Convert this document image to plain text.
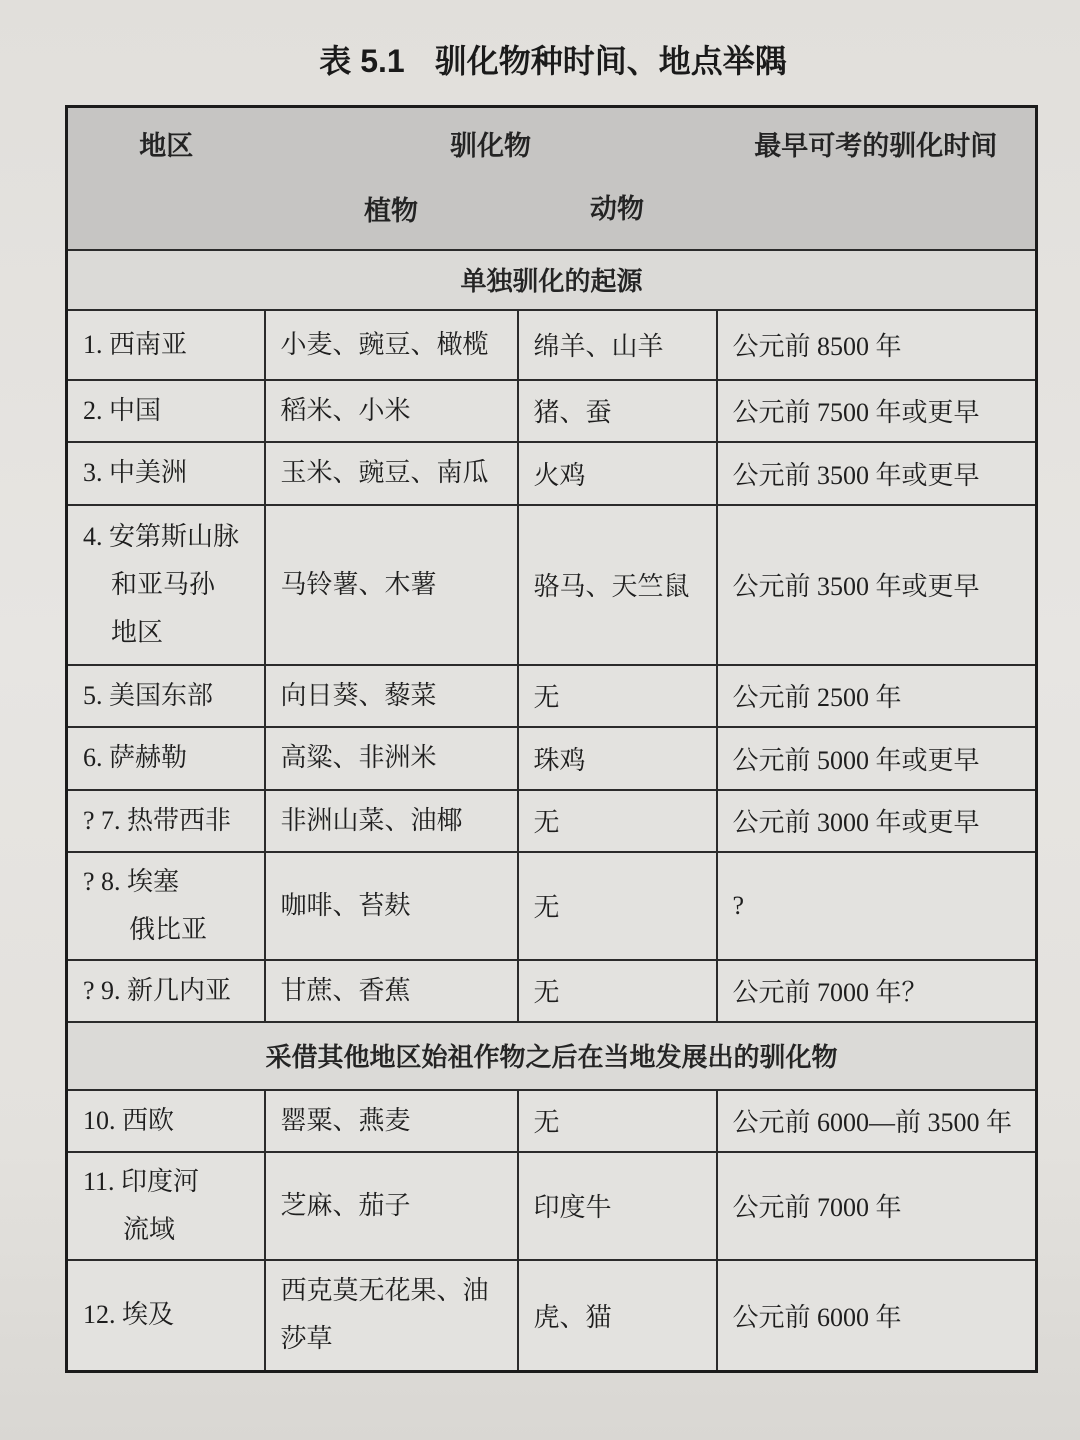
表 5.1 驯化物种时间、地点举隅
地区	驯化物		最早可考的驯化时间
	植物	动物	
单独驯化的起源			

1. 西南亚	小麦、豌豆、橄榄	绵羊、山羊	公元前 8500 年

2. 中国	稻米、小米	猪、蚕	公元前 7500 年或更早

3. 中美洲	玉米、豌豆、南瓜	火鸡	公元前 3500 年或更早

4. 安第斯山脉
和亚马孙
地区	马铃薯、木薯	骆马、天竺鼠	公元前 3500 年或更早

5. 美国东部	向日葵、藜菜	无	公元前 2500 年

6. 萨赫勒	高粱、非洲米	珠鸡	公元前 5000 年或更早

? 7. 热带西非	非洲山菜、油椰	无	公元前 3000 年或更早

? 8. 埃塞
俄比亚	咖啡、苔麸	无	?

? 9. 新几内亚	甘蔗、香蕉	无	公元前 7000 年？
采借其他地区始祖作物之后在当地发展出的驯化物			

10. 西欧	罂粟、燕麦	无	公元前 6000—前 3500 年

11. 印度河
流域	芝麻、茄子	印度牛	公元前 7000 年

12. 埃及	西克莫无花果、油
莎草	虎、猫	公元前 6000 年
